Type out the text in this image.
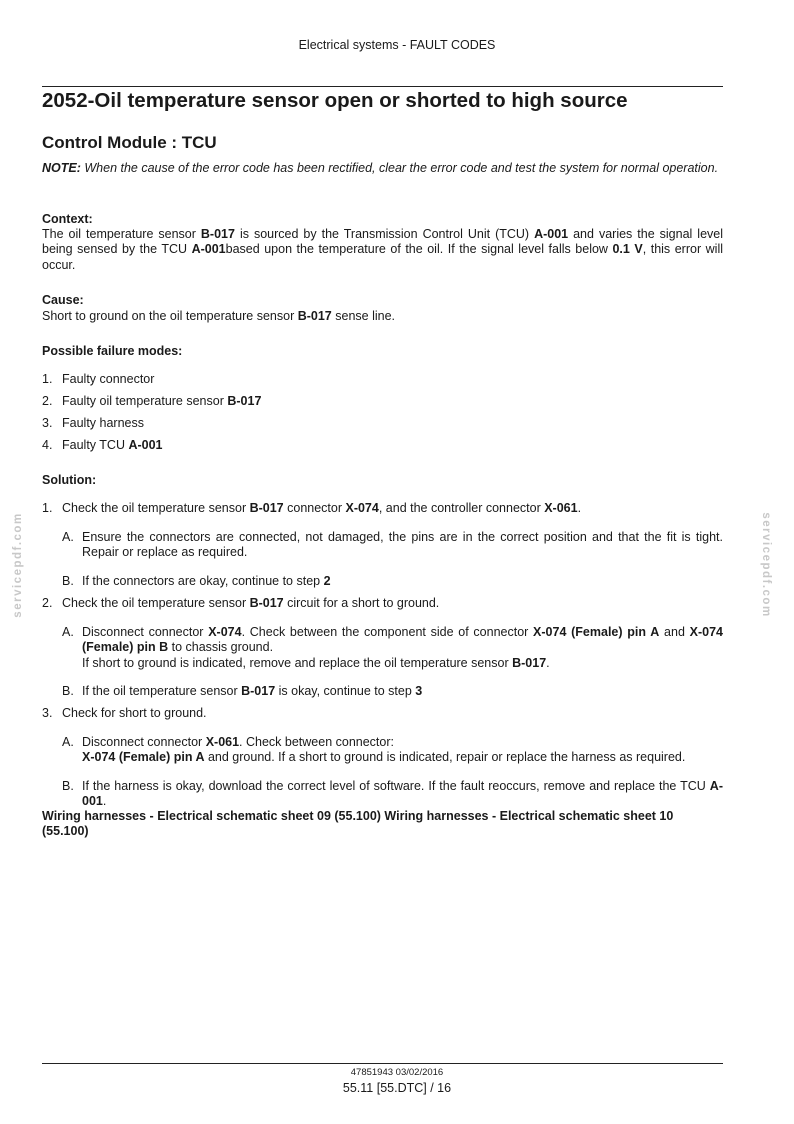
Electrical systems - FAULT CODES
2052-Oil temperature sensor open or shorted to high source
Control Module : TCU
NOTE: When the cause of the error code has been rectified, clear the error code and test the system for normal operation.
Context:
The oil temperature sensor B-017 is sourced by the Transmission Control Unit (TCU) A-001 and varies the signal level being sensed by the TCU A-001based upon the temperature of the oil. If the signal level falls below 0.1 V, this error will occur.
Cause:
Short to ground on the oil temperature sensor B-017 sense line.
Possible failure modes:
1. Faulty connector
2. Faulty oil temperature sensor B-017
3. Faulty harness
4. Faulty TCU A-001
Solution:
1. Check the oil temperature sensor B-017 connector X-074, and the controller connector X-061.
A. Ensure the connectors are connected, not damaged, the pins are in the correct position and that the fit is tight. Repair or replace as required.
B. If the connectors are okay, continue to step 2
2. Check the oil temperature sensor B-017 circuit for a short to ground.
A. Disconnect connector X-074. Check between the component side of connector X-074 (Female) pin A and X-074 (Female) pin B to chassis ground.
If short to ground is indicated, remove and replace the oil temperature sensor B-017.
B. If the oil temperature sensor B-017 is okay, continue to step 3
3. Check for short to ground.
A. Disconnect connector X-061. Check between connector:
X-074 (Female) pin A and ground. If a short to ground is indicated, repair or replace the harness as required.
B. If the harness is okay, download the correct level of software. If the fault reoccurs, remove and replace the TCU A-001.
Wiring harnesses - Electrical schematic sheet 09 (55.100) Wiring harnesses - Electrical schematic sheet 10 (55.100)
servicepdf.com	servicepdf.com
47851943 03/02/2016
55.11 [55.DTC] / 16
